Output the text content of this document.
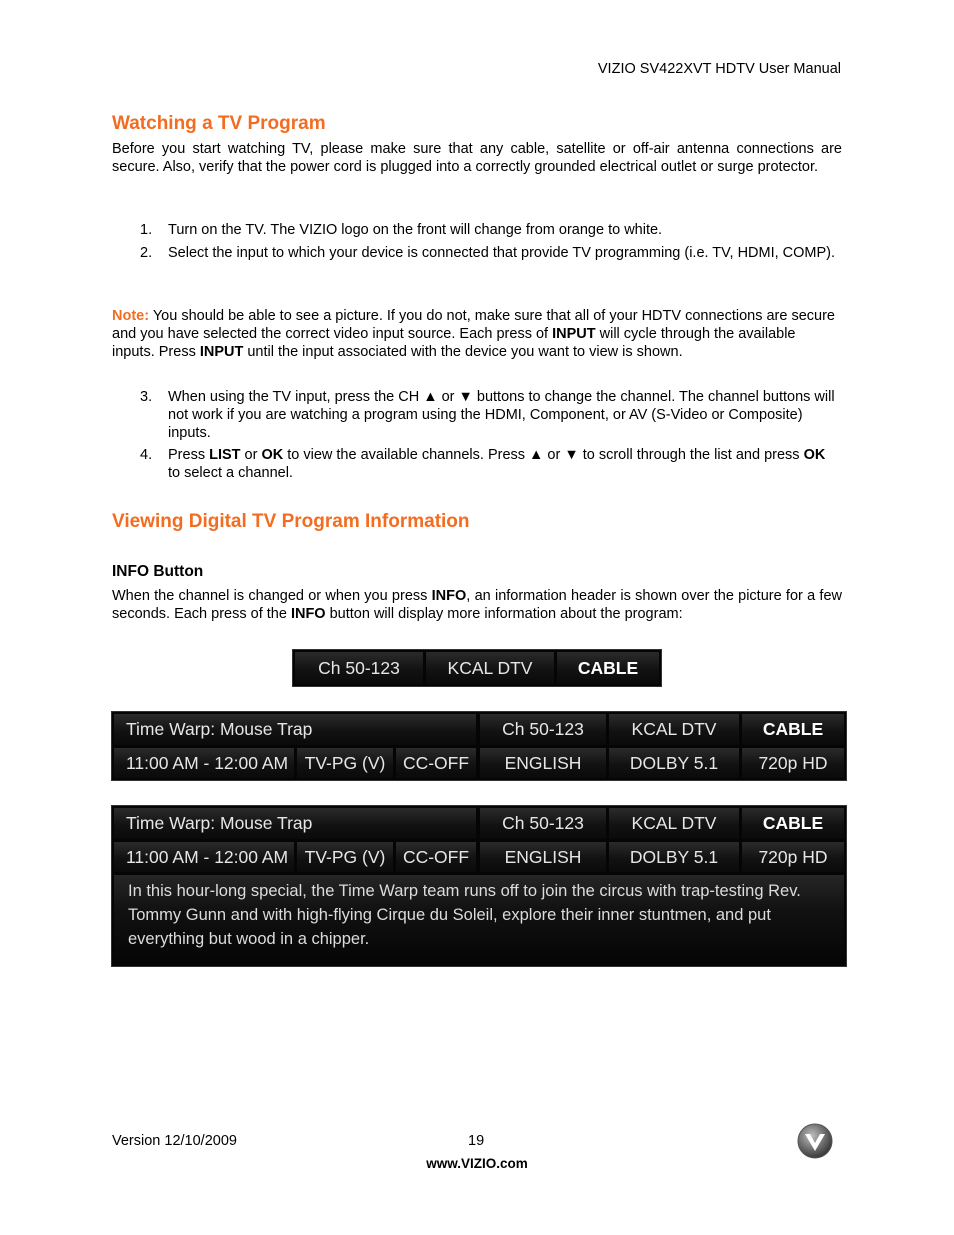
VIZIO SV422XVT HDTV User Manual
Watching a TV Program
Before you start watching TV, please make sure that any cable, satellite or off-air antenna connections are secure. Also, verify that the power cord is plugged into a correctly grounded electrical outlet or surge protector.
1. Turn on the TV. The VIZIO logo on the front will change from orange to white.
2. Select the input to which your device is connected that provide TV programming (i.e. TV, HDMI, COMP).
Note: You should be able to see a picture. If you do not, make sure that all of your HDTV connections are secure and you have selected the correct video input source. Each press of INPUT will cycle through the available inputs. Press INPUT until the input associated with the device you want to view is shown.
3. When using the TV input, press the CH ▲ or ▼ buttons to change the channel. The channel buttons will not work if you are watching a program using the HDMI, Component, or AV (S-Video or Composite) inputs.
4. Press LIST or OK to view the available channels. Press ▲ or ▼ to scroll through the list and press OK to select a channel.
Viewing Digital TV Program Information
INFO Button
When the channel is changed or when you press INFO, an information header is shown over the picture for a few seconds. Each press of the INFO button will display more information about the program:
Ch 50-123	KCAL DTV	CABLE
Time Warp: Mouse Trap	Ch 50-123	KCAL DTV	CABLE
11:00 AM - 12:00 AM TV-PG (V)	CC-OFF	ENGLISH	DOLBY 5.1	720p HD
Time Warp: Mouse Trap	Ch 50-123	KCAL DTV	CABLE
11:00 AM - 12:00 AM TV-PG (V)	CC-OFF	ENGLISH	DOLBY 5.1	720p HD
In this hour-long special, the Time Warp team runs off to join the circus with trap-testing Rev. Tommy Gunn and with high-flying Cirque du Soleil, explore their inner stuntmen, and put everything but wood in a chipper.
Version 12/10/2009	19
www.VIZIO.com
